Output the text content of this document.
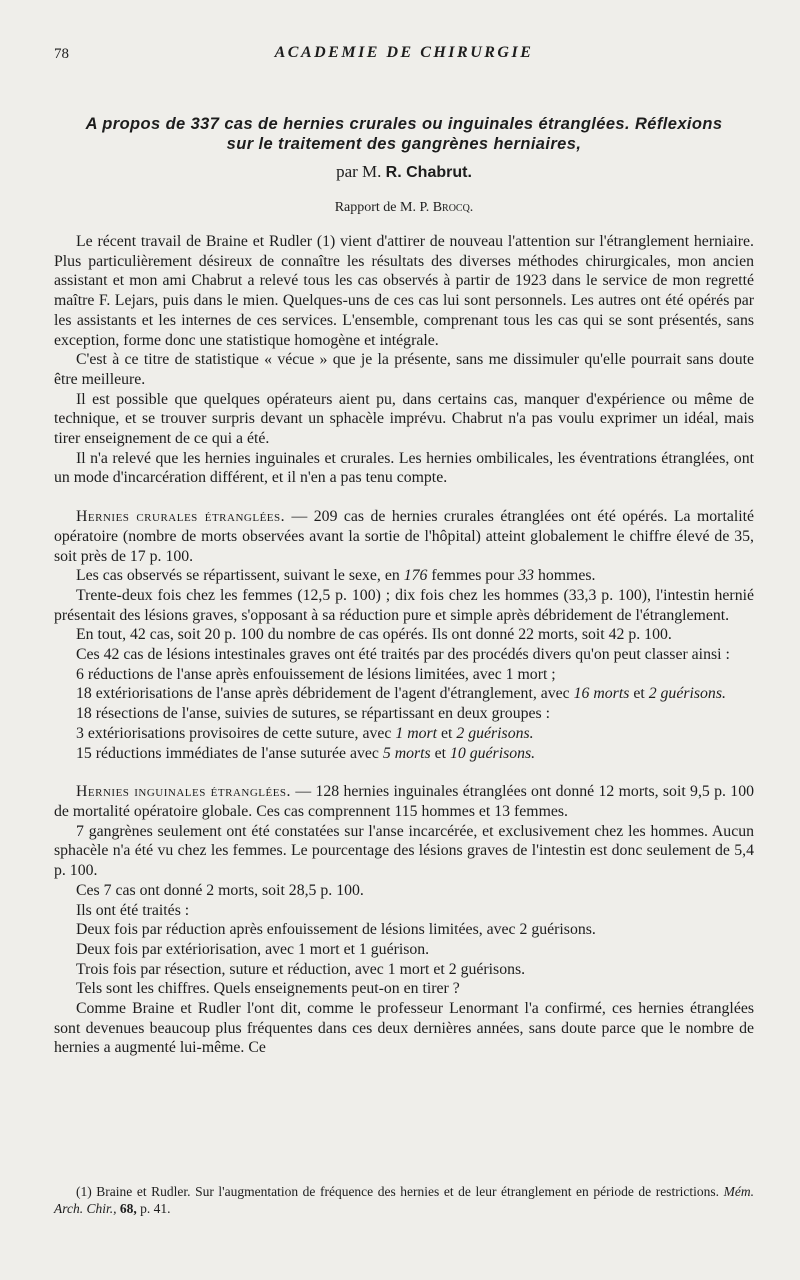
78	ACADEMIE DE CHIRURGIE
A propos de 337 cas de hernies crurales ou inguinales étranglées. Réflexions sur le traitement des gangrènes herniaires,
par M. R. Chabrut.
Rapport de M. P. Brocq.

Le récent travail de Braine et Rudler (1) vient d'attirer de nouveau l'attention sur l'étranglement herniaire. Plus particulièrement désireux de connaître les résultats des diverses méthodes chirurgicales, mon ancien assistant et mon ami Chabrut a relevé tous les cas observés à partir de 1923 dans le service de mon regretté maître F. Lejars, puis dans le mien. Quelques-uns de ces cas lui sont personnels. Les autres ont été opérés par les assistants et les internes de ces services. L'ensemble, comprenant tous les cas qui se sont présentés, sans exception, forme donc une statistique homogène et intégrale.

C'est à ce titre de statistique « vécue » que je la présente, sans me dissimuler qu'elle pourrait sans doute être meilleure.

Il est possible que quelques opérateurs aient pu, dans certains cas, manquer d'expérience ou même de technique, et se trouver surpris devant un sphacèle imprévu. Chabrut n'a pas voulu exprimer un idéal, mais tirer enseignement de ce qui a été.

Il n'a relevé que les hernies inguinales et crurales. Les hernies ombilicales, les éventrations étranglées, ont un mode d'incarcération différent, et il n'en a pas tenu compte.

Hernies crurales étranglées. — 209 cas de hernies crurales étranglées ont été opérés. La mortalité opératoire (nombre de morts observées avant la sortie de l'hôpital) atteint globalement le chiffre élevé de 35, soit près de 17 p. 100.

Les cas observés se répartissent, suivant le sexe, en 176 femmes pour 33 hommes.

Trente-deux fois chez les femmes (12,5 p. 100) ; dix fois chez les hommes (33,3 p. 100), l'intestin hernié présentait des lésions graves, s'opposant à sa réduction pure et simple après débridement de l'étranglement.

En tout, 42 cas, soit 20 p. 100 du nombre de cas opérés. Ils ont donné 22 morts, soit 42 p. 100.

Ces 42 cas de lésions intestinales graves ont été traités par des procédés divers qu'on peut classer ainsi :

6 réductions de l'anse après enfouissement de lésions limitées, avec 1 mort ;

18 extériorisations de l'anse après débridement de l'agent d'étranglement, avec 16 morts et 2 guérisons.

18 résections de l'anse, suivies de sutures, se répartissant en deux groupes :

3 extériorisations provisoires de cette suture, avec 1 mort et 2 guérisons.

15 réductions immédiates de l'anse suturée avec 5 morts et 10 guérisons.

Hernies inguinales étranglées. — 128 hernies inguinales étranglées ont donné 12 morts, soit 9,5 p. 100 de mortalité opératoire globale. Ces cas comprennent 115 hommes et 13 femmes.

7 gangrènes seulement ont été constatées sur l'anse incarcérée, et exclusivement chez les hommes. Aucun sphacèle n'a été vu chez les femmes. Le pourcentage des lésions graves de l'intestin est donc seulement de 5,4 p. 100.

Ces 7 cas ont donné 2 morts, soit 28,5 p. 100.

Ils ont été traités :

Deux fois par réduction après enfouissement de lésions limitées, avec 2 guérisons.

Deux fois par extériorisation, avec 1 mort et 1 guérison.

Trois fois par résection, suture et réduction, avec 1 mort et 2 guérisons.

Tels sont les chiffres. Quels enseignements peut-on en tirer ?

Comme Braine et Rudler l'ont dit, comme le professeur Lenormant l'a confirmé, ces hernies étranglées sont devenues beaucoup plus fréquentes dans ces deux dernières années, sans doute parce que le nombre de hernies a augmenté lui-même. Ce

(1) Braine et Rudler. Sur l'augmentation de fréquence des hernies et de leur étranglement en période de restrictions. Mém. Arch. Chir., 68, p. 41.
